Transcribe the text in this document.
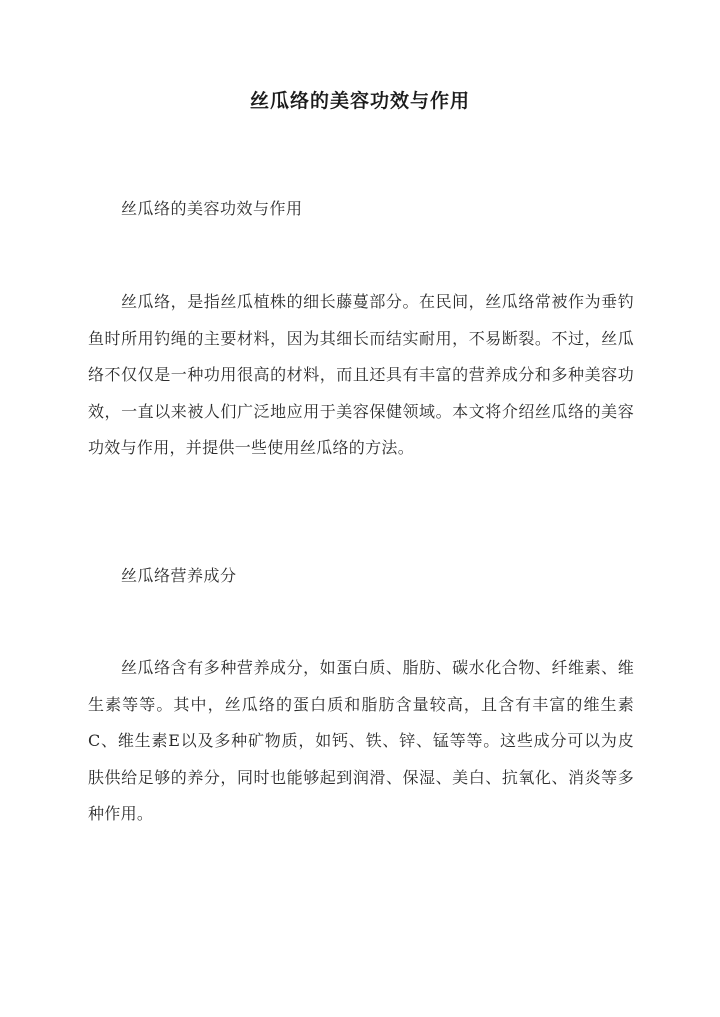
丝瓜络的美容功效与作用
丝瓜络的美容功效与作用

丝瓜络，是指丝瓜植株的细长藤蔓部分。在民间，丝瓜络常被作为垂钓鱼时所用钓绳的主要材料，因为其细长而结实耐用，不易断裂。不过，丝瓜络不仅仅是一种功用很高的材料，而且还具有丰富的营养成分和多种美容功效，一直以来被人们广泛地应用于美容保健领域。本文将介绍丝瓜络的美容功效与作用，并提供一些使用丝瓜络的方法。

丝瓜络营养成分

丝瓜络含有多种营养成分，如蛋白质、脂肪、碳水化合物、纤维素、维生素等等。其中，丝瓜络的蛋白质和脂肪含量较高，且含有丰富的维生素C、维生素E以及多种矿物质，如钙、铁、锌、锰等等。这些成分可以为皮肤供给足够的养分，同时也能够起到润滑、保湿、美白、抗氧化、消炎等多种作用。
